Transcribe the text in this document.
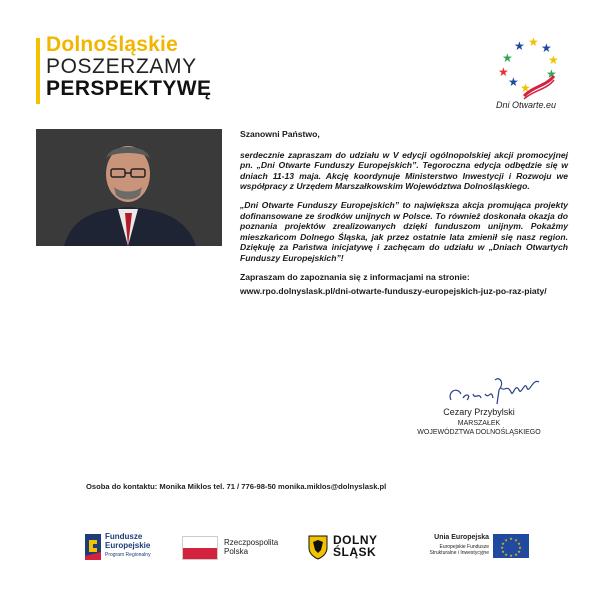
Dolnośląskie
POSZERZAMY
PERSPEKTYWĘ
★ ★ ★
★	★
★
★ ★
★
Dni Otwarte.eu

Szanowni Państwo,

serdecznie zapraszam do udziału w V edycji ogólnopolskiej akcji promocyjnej pn. „Dni Otwarte Funduszy Europejskich”. Tegoroczna edycja odbędzie się w dniach 11-13 maja. Akcję koordynuje Ministerstwo Inwestycji i Rozwoju we współpracy z Urzędem Marszałkowskim Województwa Dolnośląskiego.

„Dni Otwarte Funduszy Europejskich” to największa akcja promująca projekty dofinansowane ze środków unijnych w Polsce. To również doskonała okazja do poznania projektów zrealizowanych dzięki funduszom unijnym. Pokażmy mieszkańcom Dolnego Śląska, jak przez ostatnie lata zmienił się nasz region. Dziękuję za Państwa inicjatywę i zachęcam do udziału w „Dniach Otwartych Funduszy Europejskich”!

Zapraszam do zapoznania się z informacjami na stronie:

www.rpo.dolnyslask.pl/dni-otwarte-funduszy-europejskich-juz-po-raz-piaty/

Cezary Przybylski
MARSZAŁEK
WOJEWÓDZTWA DOLNOŚLĄSKIEGO
Osoba do kontaktu: Monika Miklos tel. 71 / 776-98-50 monika.miklos@dolnyslask.pl
Fundusze
Europejskie
Program Regionalny
Rzeczpospolita
Polska
DOLNY
ŚLĄSK
Unia Europejska
Europejskie Fundusze
Strukturalne i Inwestycyjne
★ ★
★
★
★
★
★
★
★
★
★
★
